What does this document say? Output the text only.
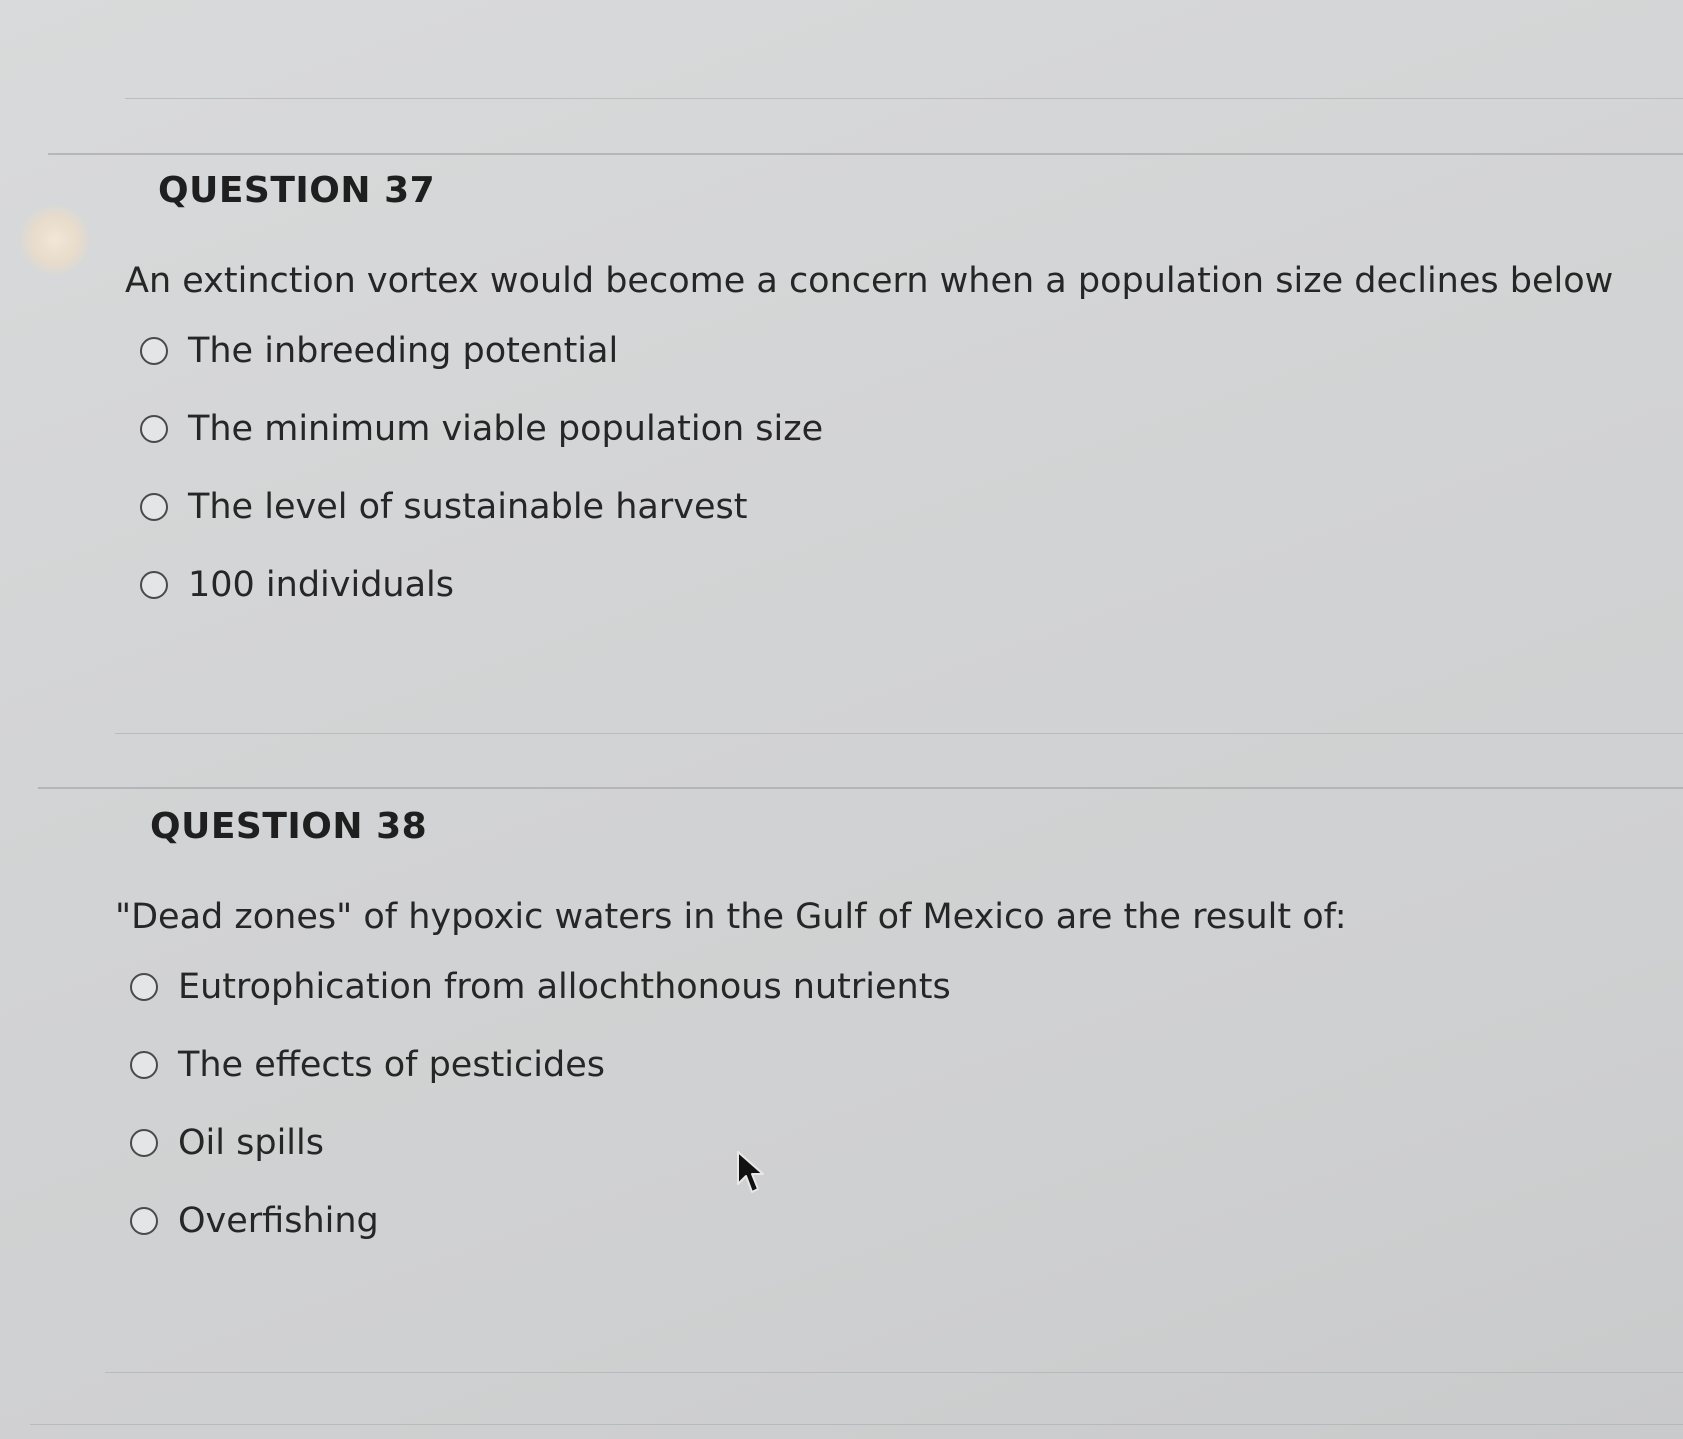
QUESTION 37

An extinction vortex would become a concern when a population size declines below

The inbreeding potential
The minimum viable population size
The level of sustainable harvest
100 individuals
QUESTION 38

"Dead zones" of hypoxic waters in the Gulf of Mexico are the result of:

Eutrophication from allochthonous nutrients
The effects of pesticides
Oil spills
Overfishing
